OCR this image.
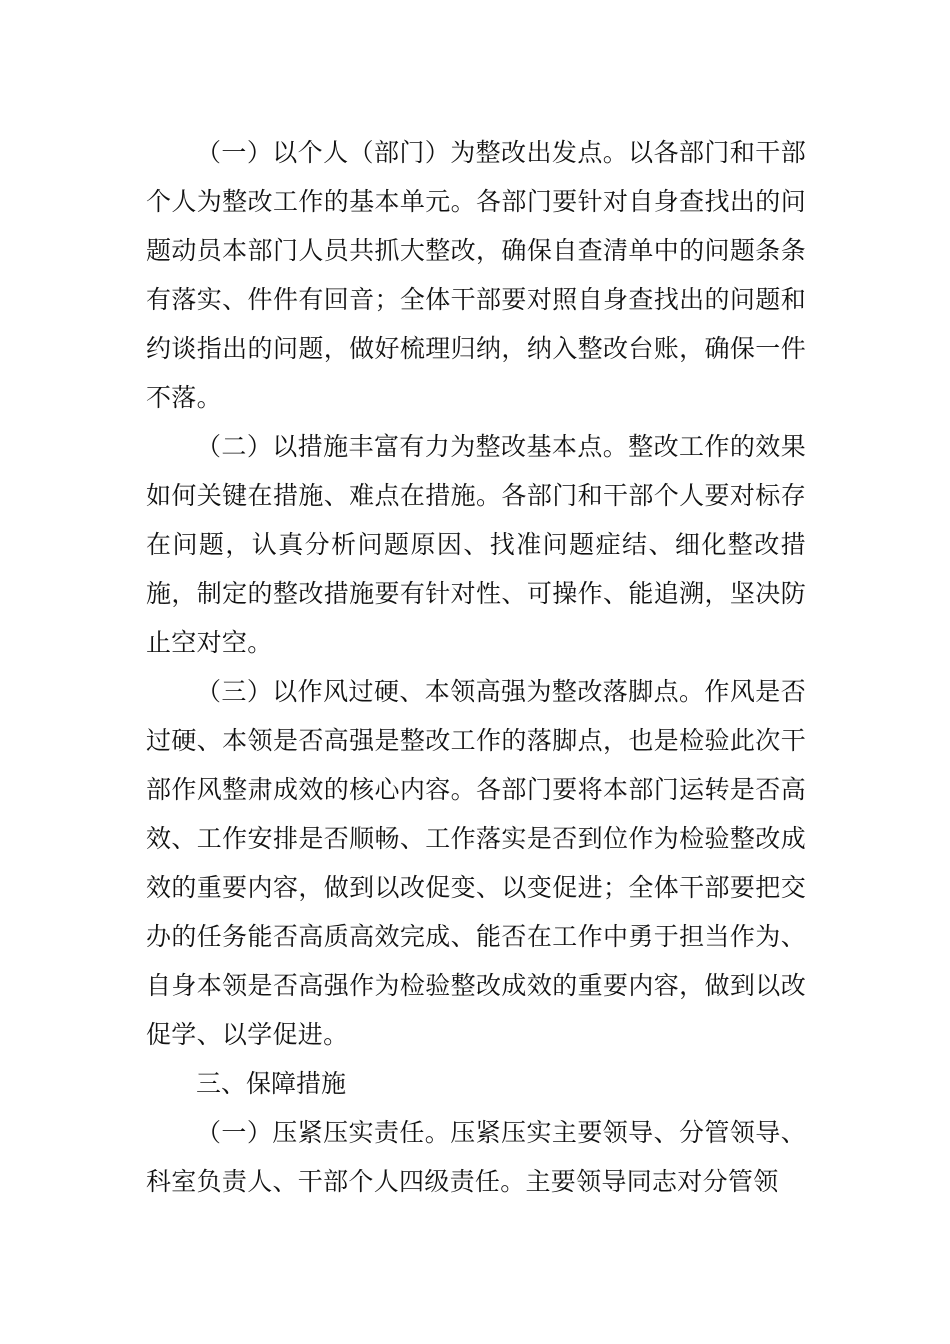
（一）以个人（部门）为整改出发点。以各部门和干部个人为整改工作的基本单元。各部门要针对自身查找出的问题动员本部门人员共抓大整改，确保自查清单中的问题条条有落实、件件有回音；全体干部要对照自身查找出的问题和约谈指出的问题，做好梳理归纳，纳入整改台账，确保一件不落。

（二）以措施丰富有力为整改基本点。整改工作的效果如何关键在措施、难点在措施。各部门和干部个人要对标存在问题，认真分析问题原因、找准问题症结、细化整改措施，制定的整改措施要有针对性、可操作、能追溯，坚决防止空对空。

（三）以作风过硬、本领高强为整改落脚点。作风是否过硬、本领是否高强是整改工作的落脚点，也是检验此次干部作风整肃成效的核心内容。各部门要将本部门运转是否高效、工作安排是否顺畅、工作落实是否到位作为检验整改成效的重要内容，做到以改促变、以变促进；全体干部要把交办的任务能否高质高效完成、能否在工作中勇于担当作为、自身本领是否高强作为检验整改成效的重要内容，做到以改促学、以学促进。

三、保障措施

（一）压紧压实责任。压紧压实主要领导、分管领导、科室负责人、干部个人四级责任。主要领导同志对分管领
